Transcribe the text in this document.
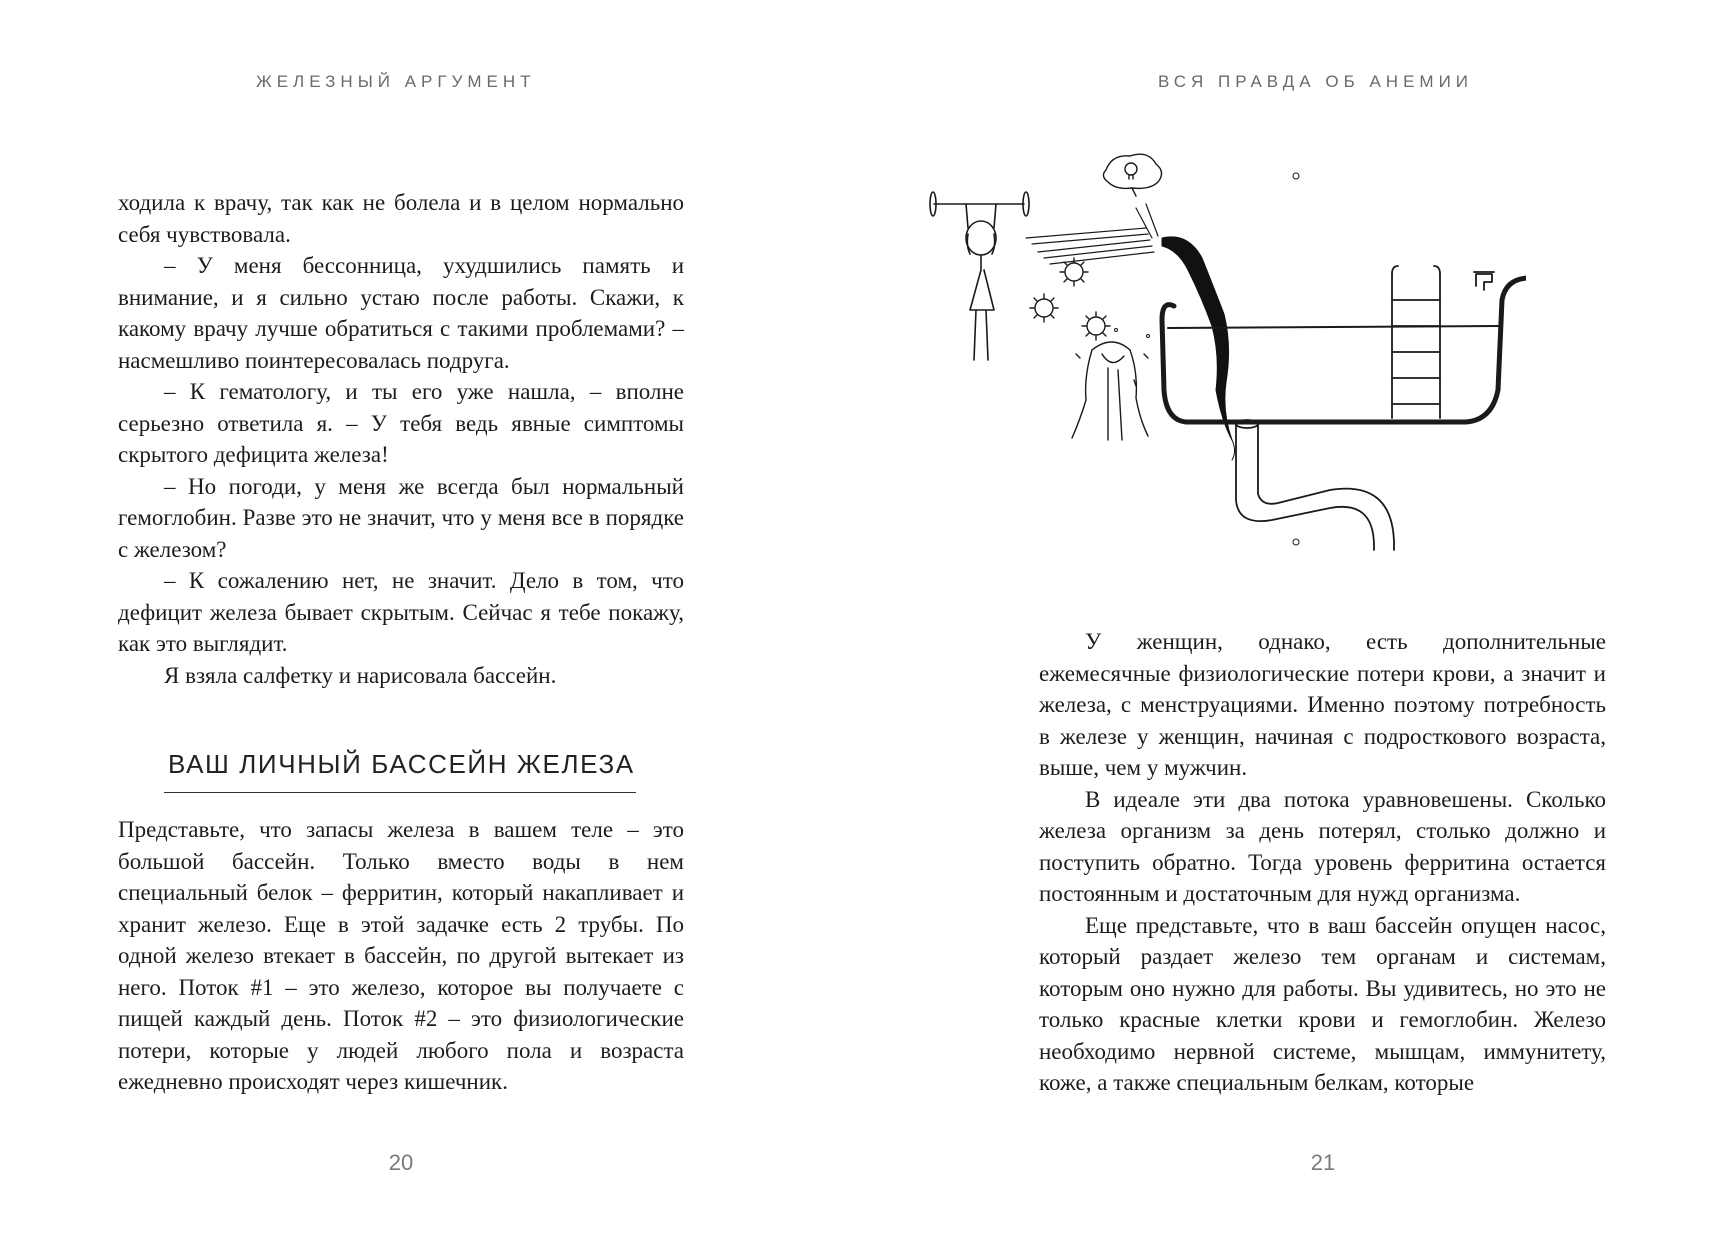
ЖЕЛЕЗНЫЙ АРГУМЕНТ

ходила к врачу, так как не болела и в целом нормально себя чувствовала.

– У меня бессонница, ухудшились память и внимание, и я сильно устаю после работы. Скажи, к какому врачу лучше обратиться с такими проблемами? – насмешливо поинтересовалась подруга.

– К гематологу, и ты его уже нашла, – вполне серьезно ответила я. – У тебя ведь явные симптомы скрытого дефицита железа!

– Но погоди, у меня же всегда был нормальный гемоглобин. Разве это не значит, что у меня все в порядке с железом?

– К сожалению нет, не значит. Дело в том, что дефицит железа бывает скрытым. Сейчас я тебе покажу, как это выглядит.

Я взяла салфетку и нарисовала бассейн.

ВАШ ЛИЧНЫЙ БАССЕЙН ЖЕЛЕЗА

Представьте, что запасы железа в вашем теле – это большой бассейн. Только вместо воды в нем специальный белок – ферритин, который накапливает и хранит железо. Еще в этой задачке есть 2 трубы. По одной железо втекает в бассейн, по другой вытекает из него. Поток #1 – это железо, которое вы получаете с пищей каждый день. Поток #2 – это физиологические потери, которые у людей любого пола и возраста ежедневно происходят через кишечник.

20
ВСЯ ПРАВДА ОБ АНЕМИИ

У женщин, однако, есть дополнительные ежемесячные физиологические потери крови, а значит и железа, с менструациями. Именно поэтому потребность в железе у женщин, начиная с подросткового возраста, выше, чем у мужчин.

В идеале эти два потока уравновешены. Сколько железа организм за день потерял, столько должно и поступить обратно. Тогда уровень ферритина остается постоянным и достаточным для нужд организма.

Еще представьте, что в ваш бассейн опущен насос, который раздает железо тем органам и системам, которым оно нужно для работы. Вы удивитесь, но это не только красные клетки крови и гемоглобин. Железо необходимо нервной системе, мышцам, иммунитету, коже, а также специальным белкам, которые

21
